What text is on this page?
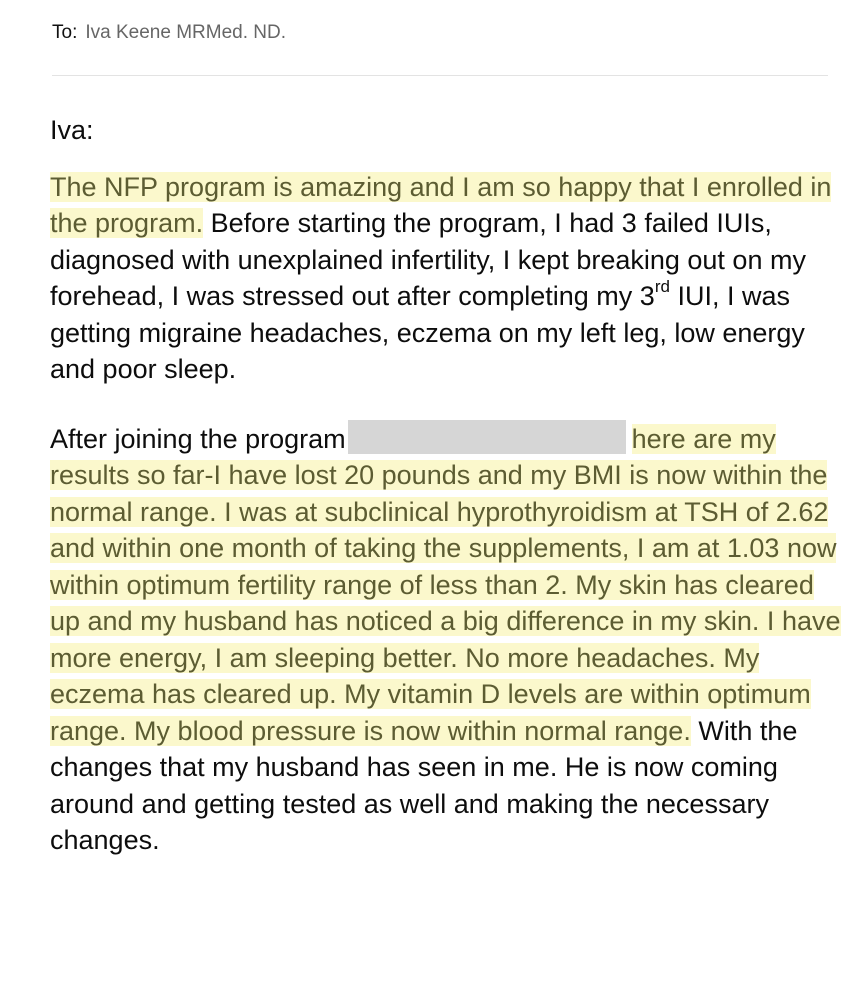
To: Iva Keene MRMed. ND.

Iva:

The NFP program is amazing and I am so happy that I enrolled in the program. Before starting the program, I had 3 failed IUIs, diagnosed with unexplained infertility, I kept breaking out on my forehead, I was stressed out after completing my 3rd IUI, I was getting migraine headaches, eczema on my left leg, low energy and poor sleep.

After joining the program	here are my results so far-I have lost 20 pounds and my BMI is now within the normal range. I was at subclinical hyprothyroidism at TSH of 2.62 and within one month of taking the supplements, I am at 1.03 now within optimum fertility range of less than 2. My skin has cleared up and my husband has noticed a big difference in my skin. I have more energy, I am sleeping better. No more headaches. My eczema has cleared up. My vitamin D levels are within optimum range. My blood pressure is now within normal range. With the changes that my husband has seen in me. He is now coming around and getting tested as well and making the necessary changes.
